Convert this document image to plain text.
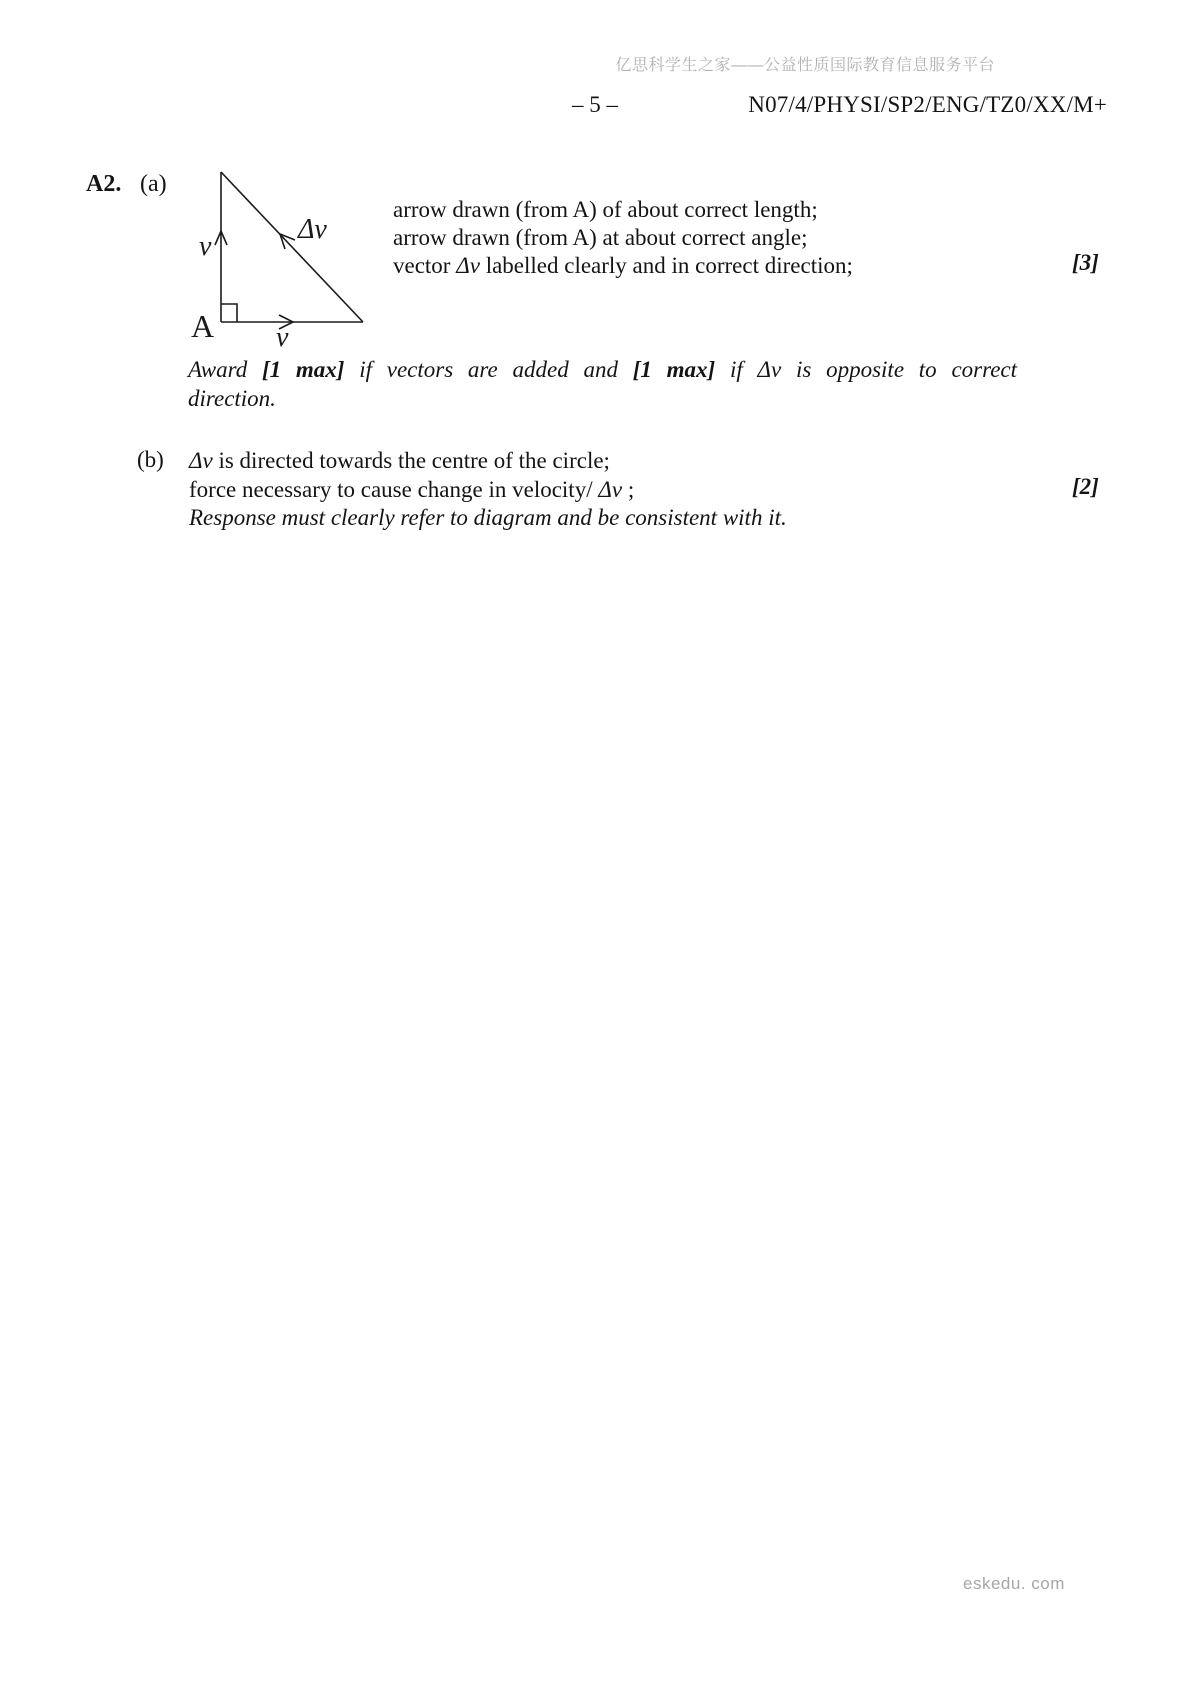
亿思科学生之家——公益性质国际教育信息服务平台
– 5 –	N07/4/PHYSI/SP2/ENG/TZ0/XX/M+
A2. (a)
v
Δv
A v
arrow drawn (from A) of about correct length;
arrow drawn (from A) at about correct angle;
vector Δv labelled clearly and in correct direction;	[3]
Award [1 max] if vectors are added and [1 max] if Δv is opposite to correct
direction.
(b) Δv is directed towards the centre of the circle;
force necessary to cause change in velocity/ Δv ;
Response must clearly refer to diagram and be consistent with it.
[2]
eskedu. com
